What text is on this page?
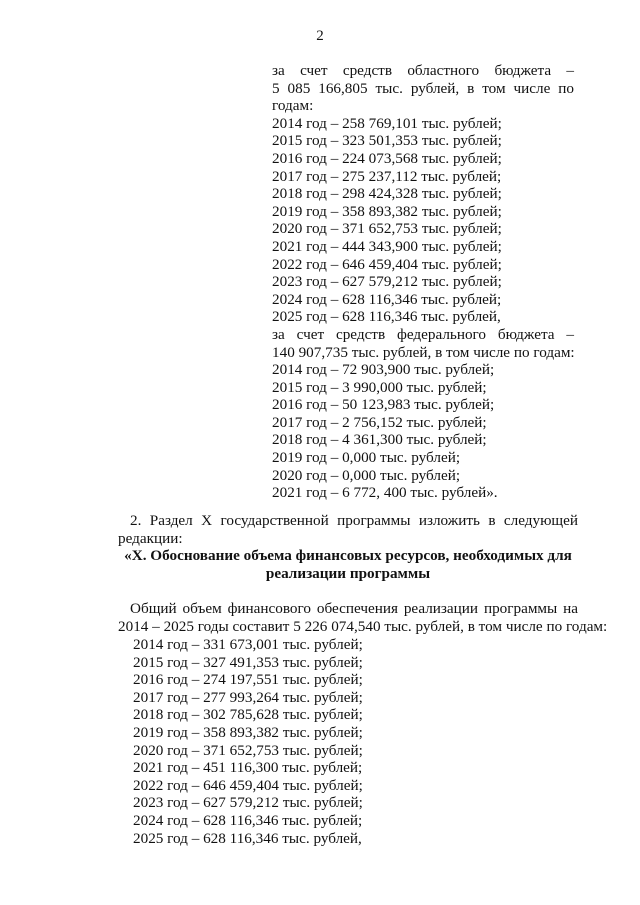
2
за счет средств областного бюджета –
5 085 166,805 тыс. рублей, в том числе по
годам:
2014 год – 258 769,101 тыс. рублей;
2015 год – 323 501,353 тыс. рублей;
2016 год – 224 073,568 тыс. рублей;
2017 год – 275 237,112 тыс. рублей;
2018 год – 298 424,328 тыс. рублей;
2019 год – 358 893,382 тыс. рублей;
2020 год – 371 652,753 тыс. рублей;
2021 год – 444 343,900 тыс. рублей;
2022 год – 646 459,404 тыс. рублей;
2023 год – 627 579,212 тыс. рублей;
2024 год – 628 116,346 тыс. рублей;
2025 год – 628 116,346 тыс. рублей,
за счет средств федерального бюджета –
140 907,735 тыс. рублей, в том числе по годам:
2014 год – 72 903,900 тыс. рублей;
2015 год – 3 990,000 тыс. рублей;
2016 год – 50 123,983 тыс. рублей;
2017 год – 2 756,152 тыс. рублей;
2018 год – 4 361,300 тыс. рублей;
2019 год – 0,000 тыс. рублей;
2020 год – 0,000 тыс. рублей;
2021 год – 6 772, 400 тыс. рублей».
2. Раздел X государственной программы изложить в следующей
редакции:
«X. Обоснование объема финансовых ресурсов, необходимых для
реализации программы
Общий объем финансового обеспечения реализации программы на
2014 – 2025 годы составит 5 226 074,540 тыс. рублей, в том числе по годам:
2014 год – 331 673,001 тыс. рублей;
2015 год – 327 491,353 тыс. рублей;
2016 год – 274 197,551 тыс. рублей;
2017 год – 277 993,264 тыс. рублей;
2018 год – 302 785,628 тыс. рублей;
2019 год – 358 893,382 тыс. рублей;
2020 год – 371 652,753 тыс. рублей;
2021 год – 451 116,300 тыс. рублей;
2022 год – 646 459,404 тыс. рублей;
2023 год – 627 579,212 тыс. рублей;
2024 год – 628 116,346 тыс. рублей;
2025 год – 628 116,346 тыс. рублей,
